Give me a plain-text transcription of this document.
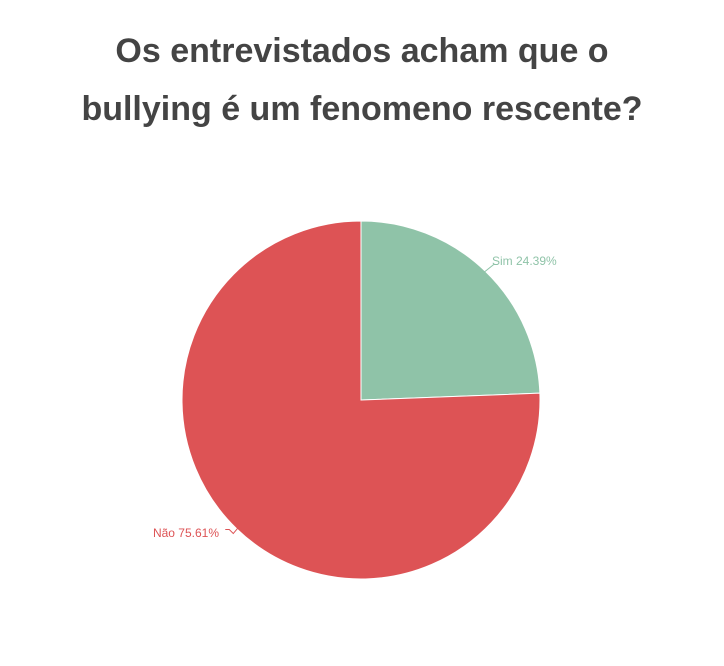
Os entrevistados acham que o
bullying é um fenomeno rescente?
Sim 24.39%
Não 75.61%
